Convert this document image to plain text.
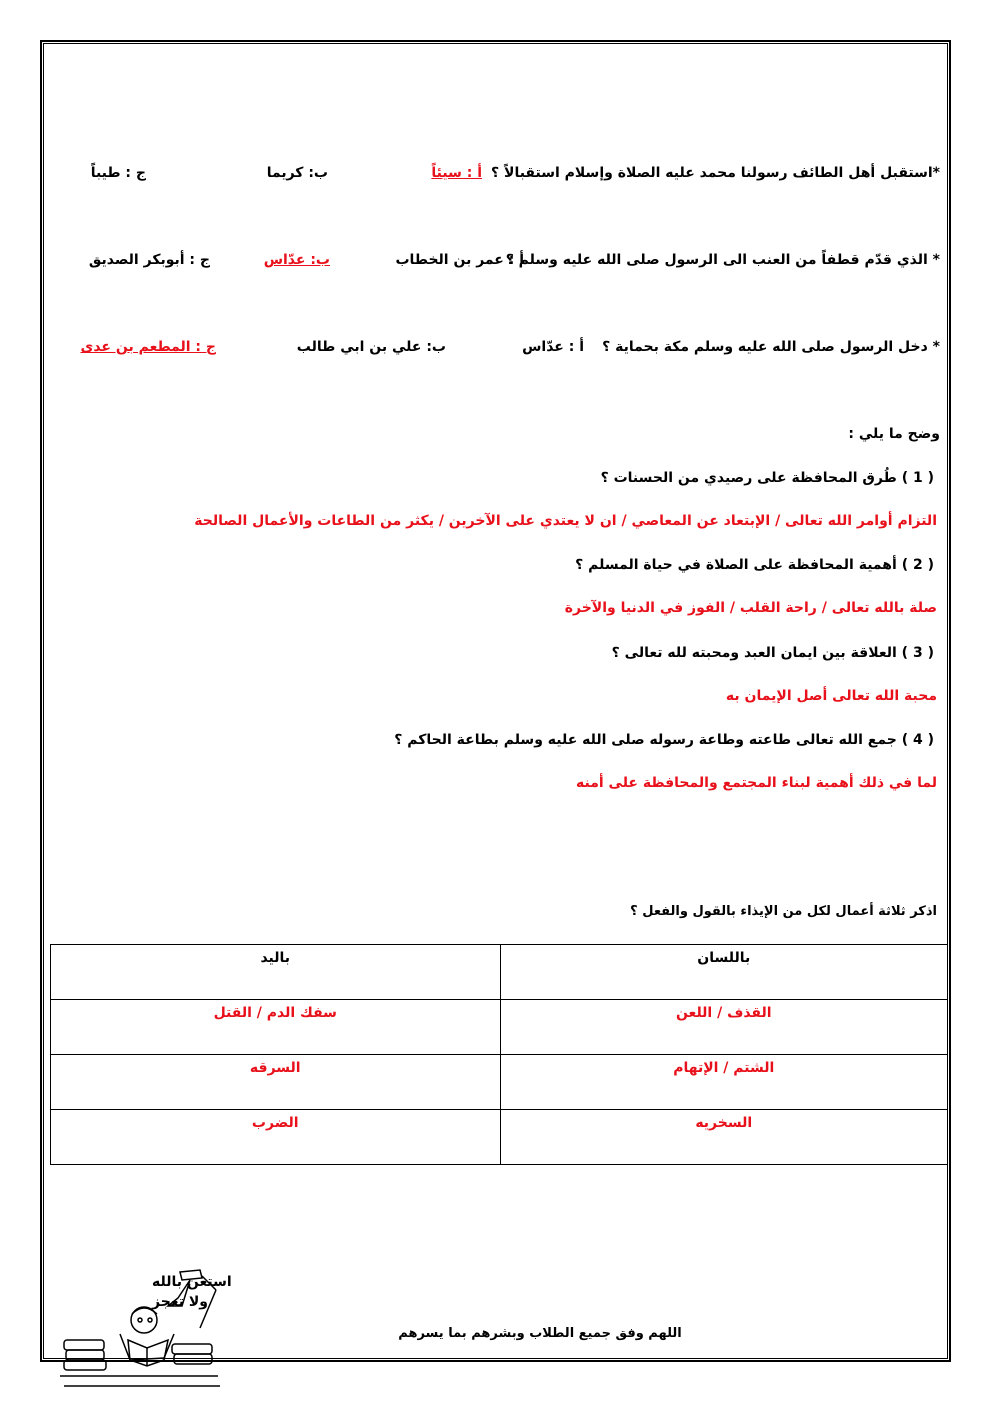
*استقبل أهل الطائف رسولنا محمد عليه الصلاة وإسلام استقبالاً ؟
أ : سيئاً
ب: كريما
ج : طيباً
* الذي قدّم قطفاً من العنب الى الرسول صلى الله عليه وسلم ؟
أ : عمر بن الخطاب
ب: عدّاس
ج : أبوبكر الصديق
* دخل الرسول صلى الله عليه وسلم مكة بحماية ؟
أ : عدّاس
ب: علي بن ابي طالب
ج : المطعم بن عدى
وضح ما يلي :
( 1 ) طُرق المحافظة على رصيدي من الحسنات ؟
التزام أوامر الله تعالى / الإبتعاد عن المعاصي / ان لا يعتدي على الآخرين / يكثر من الطاعات والأعمال الصالحة
( 2 ) أهمية المحافظة على الصلاة في حياة المسلم ؟
صلة بالله تعالى / راحة القلب / الفوز في الدنيا والآخرة
( 3 ) العلاقة بين ايمان العبد ومحبته لله تعالى ؟
محبة الله تعالى أصل الإيمان به
( 4 ) جمع الله تعالى طاعته وطاعة رسوله صلى الله عليه وسلم بطاعة الحاكم ؟
لما في ذلك أهمية لبناء المجتمع والمحافظة على أمنه
اذكر ثلاثة أعمال لكل من الإيذاء بالقول والفعل ؟
باللسان	باليد
القذف / اللعن	سفك الدم / القتل
الشتم / الإتهام	السرقه
السخريه	الضرب
استعن بالله
ولا تعجز
اللهم وفق جميع الطلاب وبشرهم بما يسرهم
